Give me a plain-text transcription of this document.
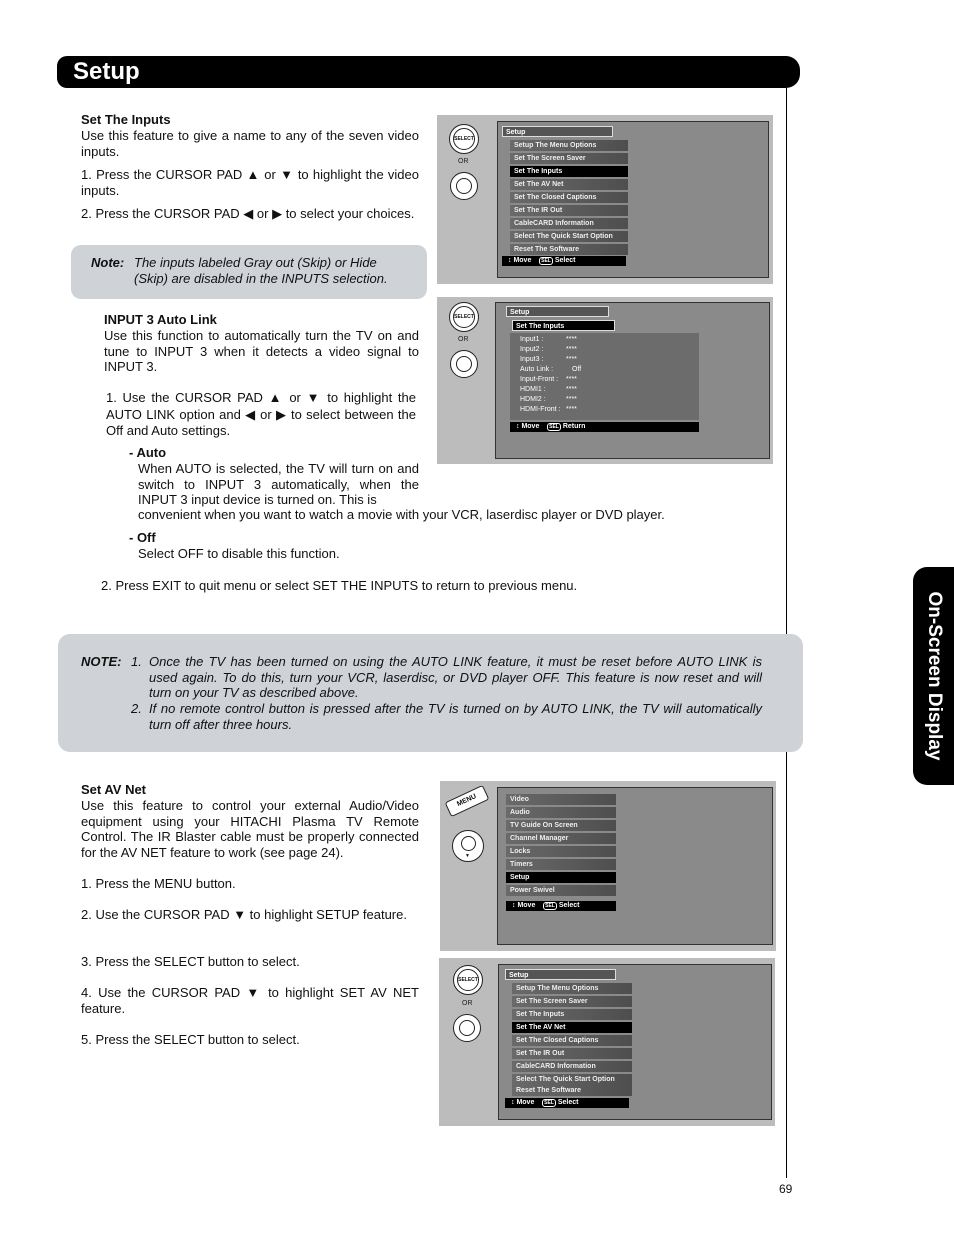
Setup
On-Screen Display
Set The Inputs
Use this feature to give a name to any of the seven video inputs.
1. Press the CURSOR PAD ▲ or ▼ to highlight the video inputs.
2. Press the CURSOR PAD ◀ or ▶ to select your choices.
Note: The inputs labeled Gray out (Skip) or Hide (Skip) are disabled in the INPUTS selection.
INPUT 3 Auto Link
Use this function to automatically turn the TV on and tune to INPUT 3 when it detects a video signal to INPUT 3.
1. Use the CURSOR PAD ▲ or ▼ to highlight the AUTO LINK option and ◀ or ▶ to select between the Off and Auto settings.
- Auto
When AUTO is selected, the TV will turn on and switch to INPUT 3 automatically, when the INPUT 3 input device is turned on. This is
convenient when you want to watch a movie with your VCR, laserdisc player or DVD player.
- Off
Select OFF to disable this function.
2. Press EXIT to quit menu or select SET THE INPUTS to return to previous menu.
NOTE: 1. Once the TV has been turned on using the AUTO LINK feature, it must be reset before AUTO LINK is used again. To do this, turn your VCR, laserdisc, or DVD player OFF. This feature is now reset and will turn on your TV as described above.
2. If no remote control button is pressed after the TV is turned on by AUTO LINK, the TV will automatically turn off after three hours.
Set AV Net
Use this feature to control your external Audio/Video equipment using your HITACHI Plasma TV Remote Control. The IR Blaster cable must be properly connected for the AV NET feature to work (see page 24).
1. Press the MENU button.
2. Use the CURSOR PAD ▼ to highlight SETUP feature.
3. Press the SELECT button to select.
4. Use the CURSOR PAD ▼ to highlight SET AV NET feature.
5. Press the SELECT button to select.
SELECT
OR
Setup
Setup The Menu Options
Set The Screen Saver
Set The Inputs
Set The AV Net
Set The Closed Captions
Set The IR Out
CableCARD Information
Select The Quick Start Option
Reset The Software
↕ Move SEL Select
SELECT
OR
Setup
Set The Inputs
Input1 :	****
Input2 :	****
Input3 :	****
Auto Link :	Off
Input-Front : ****
HDMI1 :	****
HDMI2 :	****
HDMI-Front : ****
↕ Move SEL Return
MENU
▼
Video
Audio
TV Guide On Screen
Channel Manager
Locks
Timers
Setup
Power Swivel
↕ Move SEL Select
SELECT
OR
Setup
Setup The Menu Options
Set The Screen Saver
Set The Inputs
Set The AV Net
Set The Closed Captions
Set The IR Out
CableCARD Information
Select The Quick Start Option
Reset The Software
↕ Move SEL Select
69
